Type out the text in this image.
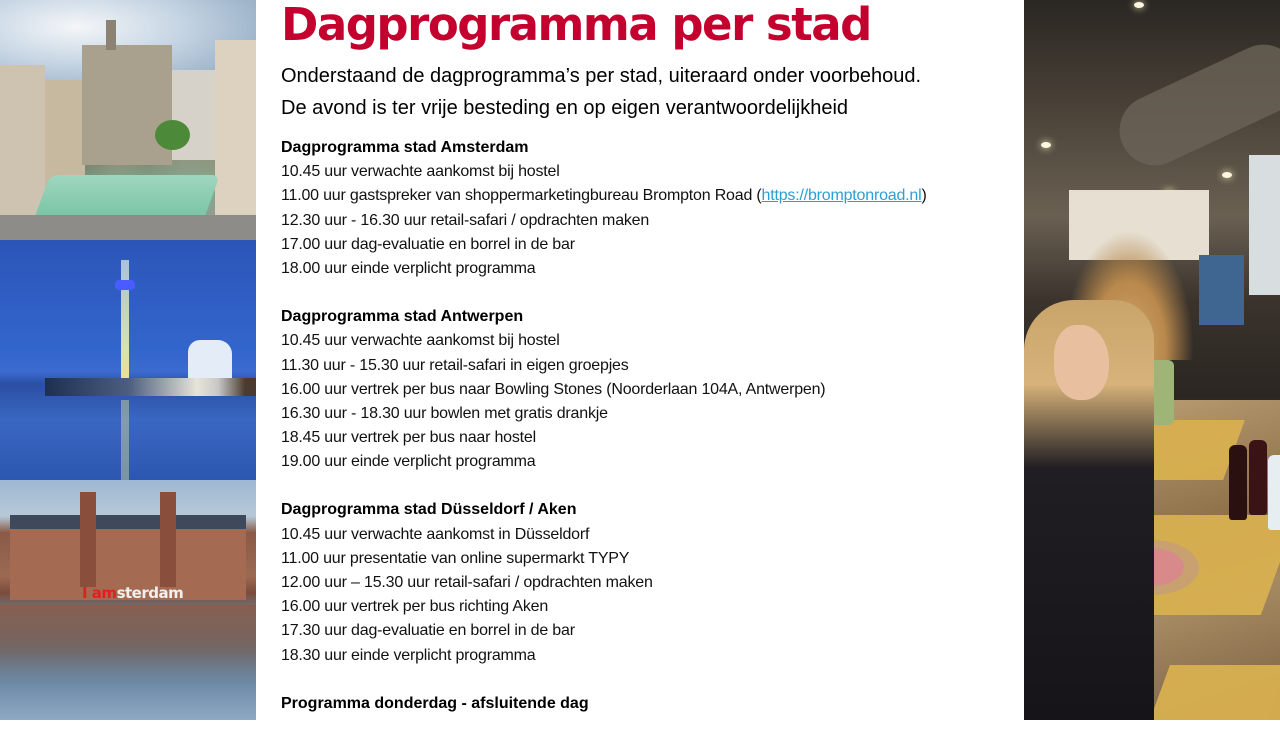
I amsterdam
Dagprogramma per stad

Onderstaand de dagprogramma’s per stad, uiteraard onder voorbehoud.

De avond is ter vrije besteding en op eigen verantwoordelijkheid

Dagprogramma stad Amsterdam
10.45 uur verwachte aankomst bij hostel
11.00 uur gastspreker van shoppermarketingbureau Brompton Road (https://bromptonroad.nl)
12.30 uur - 16.30 uur retail-safari / opdrachten maken
17.00 uur dag-evaluatie en borrel in de bar
18.00 uur einde verplicht programma
Dagprogramma stad Antwerpen
10.45 uur verwachte aankomst bij hostel
11.30 uur - 15.30 uur retail-safari in eigen groepjes
16.00 uur vertrek per bus naar Bowling Stones (Noorderlaan 104A, Antwerpen)
16.30 uur - 18.30 uur bowlen met gratis drankje
18.45 uur vertrek per bus naar hostel
19.00 uur einde verplicht programma
Dagprogramma stad Düsseldorf / Aken
10.45 uur verwachte aankomst in Düsseldorf
11.00 uur presentatie van online supermarkt TYPY
12.00 uur – 15.30 uur retail-safari / opdrachten maken
16.00 uur vertrek per bus richting Aken
17.30 uur dag-evaluatie en borrel in de bar
18.30 uur einde verplicht programma
Programma donderdag - afsluitende dag
